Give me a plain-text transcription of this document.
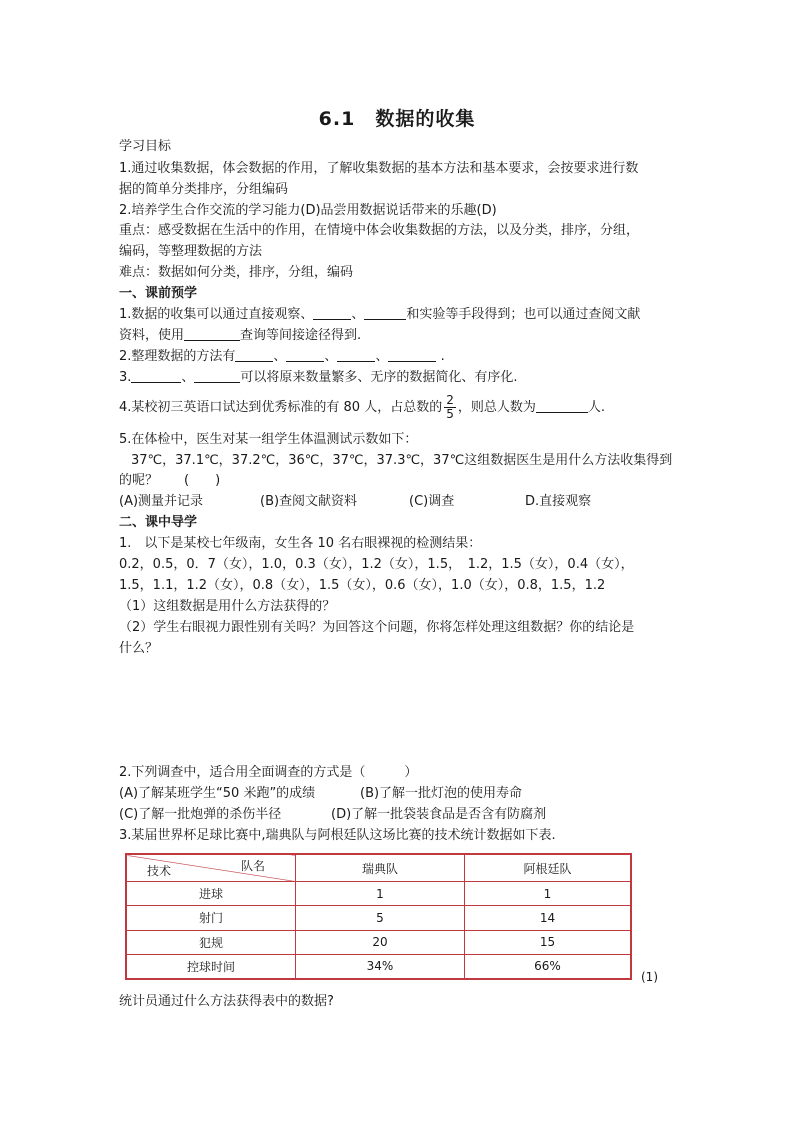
6.1　数据的收集
学习目标
1.通过收集数据，体会数据的作用，了解收集数据的基本方法和基本要求，会按要求进行数
据的简单分类排序，分组编码
2.培养学生合作交流的学习能力(D)品尝用数据说话带来的乐趣(D)
重点：感受数据在生活中的作用，在情境中体会收集数据的方法，以及分类，排序，分组，
编码，等整理数据的方法
难点：数据如何分类，排序，分组，编码
一、课前预学
1.数据的收集可以通过直接观察、	、	和实验等手段得到；也可以通过查阅文献
资料，使用	查询等间接途径得到.
2.整理数据的方法有	、	、	、	.
3.	、	可以将原来数量繁多、无序的数据简化、有序化.
4.某校初三英语口试达到优秀标准的有 80 人，占总数的 $\frac{2}{5}$ ，则总人数为	人.
5.在体检中，医生对某一组学生体温测试示数如下：
37℃，37.1℃，37.2℃，36℃，37℃，37.3℃，37℃这组数据医生是用什么方法收集得到
的呢？　　(　　)
(A)测量并记录	(B)查阅文献资料	(C)调查	D.直接观察
二、课中导学
1.　以下是某校七年级南，女生各 10 名右眼裸视的检测结果：
0.2，0.5，0．7（女），1.0，0.3（女），1.2（女），1.5，　1.2，1.5（女），0.4（女），
1.5，1.1，1.2（女），0.8（女），1.5（女），0.6（女），1.0（女），0.8，1.5，1.2
（1）这组数据是用什么方法获得的？
（2）学生右眼视力跟性别有关吗？为回答这个问题，你将怎样处理这组数据？你的结论是
什么？
2.下列调查中，适合用全面调查的方式是（　　　）
(A)了解某班学生“50 米跑”的成绩	(B)了解一批灯泡的使用寿命
(C)了解一批炮弹的杀伤半径	(D)了解一批袋装食品是否含有防腐剂
3.某届世界杯足球比赛中,瑞典队与阿根廷队这场比赛的技术统计数据如下表.
队名
技术	瑞典队	阿根廷队
进球	1	1
射门	5	14
犯规	20	15
控球时间	34%	66%
(1)
统计员通过什么方法获得表中的数据?
